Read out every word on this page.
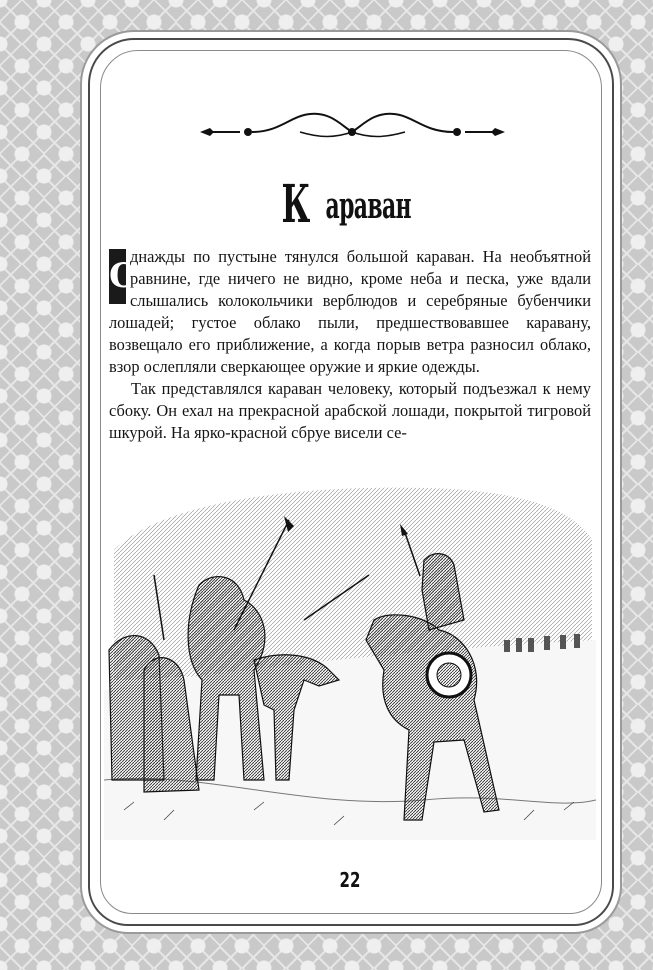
К араван

О
днажды по пустыне тянулся большой караван. На необъятной равнине, где ничего не видно, кроме неба и песка, уже вдали слышались колокольчики верблюдов и серебряные бубенчики лошадей; густое облако пыли, предшествовавшее каравану, возвещало его приближение, а когда порыв ветра разносил облако, взор ослепляли сверкающее оружие и яркие одежды.

Так представлялся караван человеку, который подъезжал к нему сбоку. Он ехал на прекрасной арабской лошади, покрытой тигровой шкурой. На ярко-красной сбруе висели се-

22
